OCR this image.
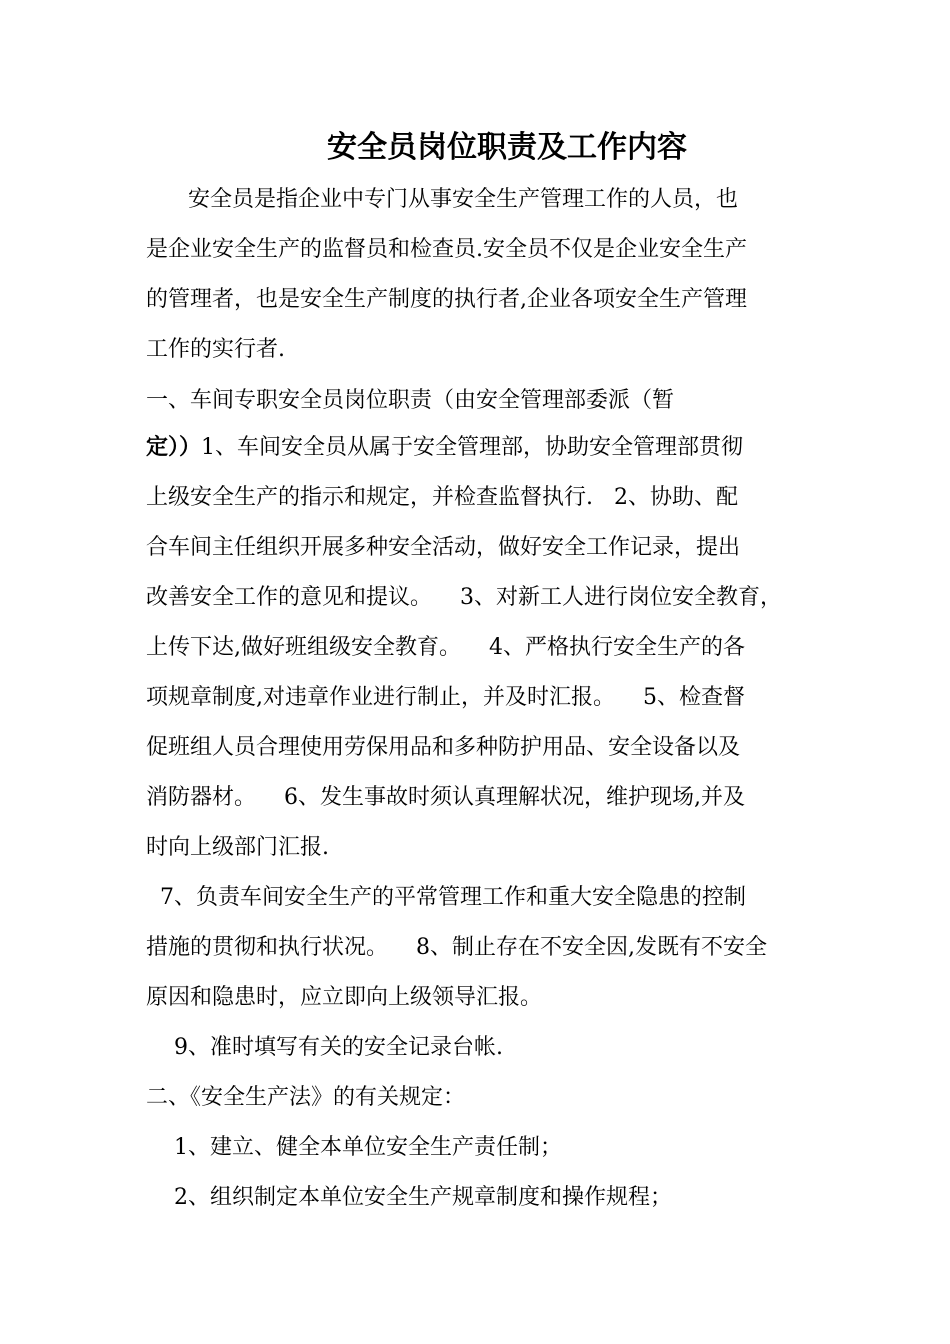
安全员岗位职责及工作内容
安全员是指企业中专门从事安全生产管理工作的人员，也
是企业安全生产的监督员和检查员.安全员不仅是企业安全生产
的管理者，也是安全生产制度的执行者,企业各项安全生产管理
工作的实行者.
一、车间专职安全员岗位职责（由安全管理部委派（暂
定））1、车间安全员从属于安全管理部，协助安全管理部贯彻
上级安全生产的指示和规定，并检查监督执行.   2、协助、配
合车间主任组织开展多种安全活动，做好安全工作记录，提出
改善安全工作的意见和提议。    3、对新工人进行岗位安全教育，
上传下达,做好班组级安全教育。    4、严格执行安全生产的各
项规章制度,对违章作业进行制止，并及时汇报。    5、检查督
促班组人员合理使用劳保用品和多种防护用品、安全设备以及
消防器材。    6、发生事故时须认真理解状况，维护现场,并及
时向上级部门汇报.
7、负责车间安全生产的平常管理工作和重大安全隐患的控制
措施的贯彻和执行状况。    8、制止存在不安全因,发既有不安全
原因和隐患时，应立即向上级领导汇报。
9、准时填写有关的安全记录台帐.
二、《安全生产法》的有关规定：
1、建立、健全本单位安全生产责任制；
2、组织制定本单位安全生产规章制度和操作规程；
